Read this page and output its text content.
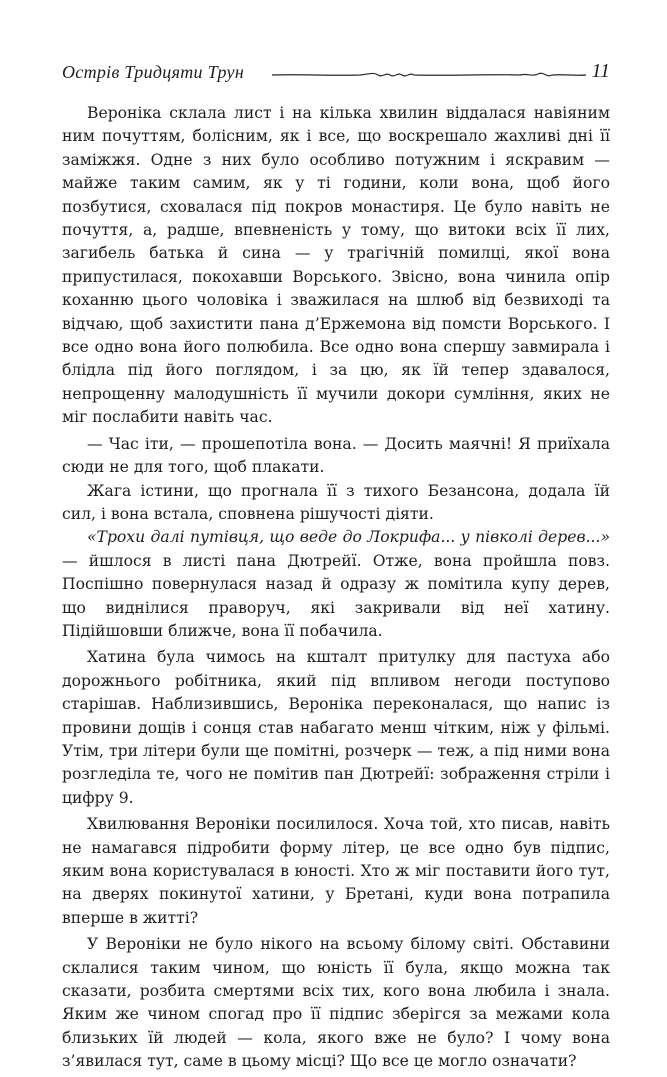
Острів Тридцяти Трун	11

Вероніка склала лист і на кілька хвилин віддалася навіяним ним почуттям, болісним, як і все, що воскрешало жахливі дні її заміжжя. Одне з них було особливо потужним і яскравим — майже таким самим, як у ті години, коли вона, щоб його позбутися, сховалася під покров монастиря. Це було навіть не почуття, а, радше, впевненість у тому, що витоки всіх її лих, загибель батька й сина — у трагічній помилці, якої вона припустилася, покохавши Ворського. Звісно, вона чинила опір коханню цього чоловіка і зважилася на шлюб від безвиході та відчаю, щоб захистити пана д’Ержемона від помсти Ворського. І все одно вона його полюбила. Все одно вона спершу завмирала і блідла під його поглядом, і за цю, як їй тепер здавалося, непрощенну малодушність її мучили докори сумління, яких не міг послабити навіть час.

— Час іти, — прошепотіла вона. — Досить маячні! Я приїхала сюди не для того, щоб плакати.

Жага істини, що прогнала її з тихого Безансона, додала їй сил, і вона встала, сповнена рішучості діяти.

«Трохи далі путівця, що веде до Локрифа... у півколі дерев...» — йшлося в листі пана Дютрейї. Отже, вона пройшла повз. Поспішно повернулася назад й одразу ж помітила купу дерев, що виднілися праворуч, які закривали від неї хатину. Підійшовши ближче, вона її побачила.

Хатина була чимось на кшталт притулку для пастуха або дорожнього робітника, який під впливом негоди поступово старішав. Наблизившись, Вероніка переконалася, що напис із провини дощів і сонця став набагато менш чітким, ніж у фільмі. Утім, три літери були ще помітні, розчерк — теж, а під ними вона розгледіла те, чого не помітив пан Дютрейї: зображення стріли і цифру 9.

Хвилювання Вероніки посилилося. Хоча той, хто писав, навіть не намагався підробити форму літер, це все одно був підпис, яким вона користувалася в юності. Хто ж міг поставити його тут, на дверях покинутої хатини, у Бретані, куди вона потрапила вперше в житті?

У Вероніки не було нікого на всьому білому світі. Обставини склалися таким чином, що юність її була, якщо можна так сказати, розбита смертями всіх тих, кого вона любила і знала. Яким же чином спогад про її підпис зберігся за межами кола близьких їй людей — кола, якого вже не було? І чому вона з’явилася тут, саме в цьому місці? Що все це могло означати?
